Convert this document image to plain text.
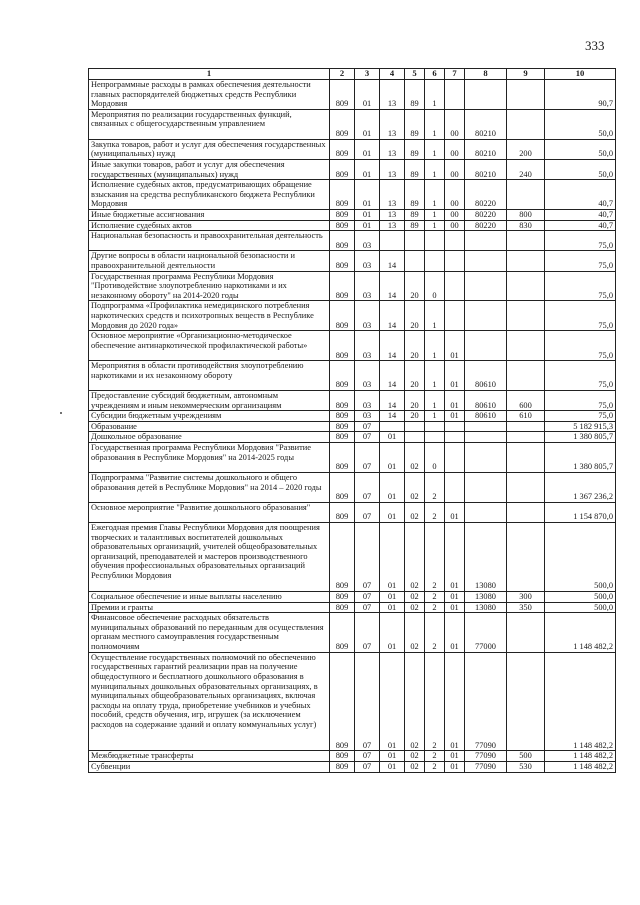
333
1	2	3	4	5	6	7	8	9	10
Непрограммные расходы в рамках обеспечения деятельности главных распорядителей бюджетных средств Республики Мордовия	809	01	13	89	1				90,7
Мероприятия по реализации государственных функций, связанных с общегосударственным управлением	809	01	13	89	1	00	80210		50,0
Закупка товаров, работ и услуг для обеспечения государственных (муниципальных) нужд	809	01	13	89	1	00	80210	200	50,0
Иные закупки товаров, работ и услуг для обеспечения государственных (муниципальных) нужд	809	01	13	89	1	00	80210	240	50,0
Исполнение судебных актов, предусматривающих обращение взыскания на средства республиканского бюджета Республики Мордовия	809	01	13	89	1	00	80220		40,7
Иные бюджетные ассигнования	809	01	13	89	1	00	80220	800	40,7
Исполнение судебных актов	809	01	13	89	1	00	80220	830	40,7
Национальная безопасность и правоохранительная деятельность	809	03							75,0
Другие вопросы в области национальной безопасности и правоохранительной деятельности	809	03	14						75,0
Государственная программа Республики Мордовия "Противодействие злоупотреблению наркотиками и их незаконному обороту" на 2014-2020 годы	809	03	14	20	0				75,0
Подпрограмма «Профилактика немедицинского потребления наркотических средств и психотропных веществ в Республике Мордовия до 2020 года»	809	03	14	20	1				75,0
Основное мероприятие «Организационно-методическое обеспечение антинаркотической профилактической работы»	809	03	14	20	1	01			75,0
Мероприятия в области противодействия злоупотреблению наркотиками и их незаконному обороту	809	03	14	20	1	01	80610		75,0
Предоставление субсидий бюджетным, автономным учреждениям и иным некоммерческим организациям	809	03	14	20	1	01	80610	600	75,0
Субсидии бюджетным учреждениям	809	03	14	20	1	01	80610	610	75,0
Образование	809	07							5 182 915,3
Дошкольное образование	809	07	01						1 380 805,7
Государственная программа Республики Мордовия "Развитие образования в Республике Мордовия" на 2014-2025 годы	809	07	01	02	0				1 380 805,7
Подпрограмма "Развитие системы дошкольного и общего образования детей в Республике Мордовия" на 2014 – 2020 годы	809	07	01	02	2				1 367 236,2
Основное мероприятие "Развитие дошкольного образования"	809	07	01	02	2	01			1 154 870,0
Ежегодная премия Главы Республики Мордовия для поощрения творческих и талантливых воспитателей дошкольных образовательных организаций, учителей общеобразовательных организаций, преподавателей и мастеров производственного обучения профессиональных образовательных организаций Республики Мордовия	809	07	01	02	2	01	13080		500,0
Социальное обеспечение и иные выплаты населению	809	07	01	02	2	01	13080	300	500,0
Премии и гранты	809	07	01	02	2	01	13080	350	500,0
Финансовое обеспечение расходных обязательств муниципальных образований по переданным для осуществления органам местного самоуправления государственным полномочиям	809	07	01	02	2	01	77000		1 148 482,2
Осуществление государственных полномочий по обеспечению государственных гарантий реализации прав на получение общедоступного и бесплатного дошкольного образования в муниципальных дошкольных образовательных организациях, в муниципальных общеобразовательных организациях, включая расходы на оплату труда, приобретение учебников и учебных пособий, средств обучения, игр, игрушек (за исключением расходов на содержание зданий и оплату коммунальных услуг)	809	07	01	02	2	01	77090		1 148 482,2
Межбюджетные трансферты	809	07	01	02	2	01	77090	500	1 148 482,2
Субвенции	809	07	01	02	2	01	77090	530	1 148 482,2
